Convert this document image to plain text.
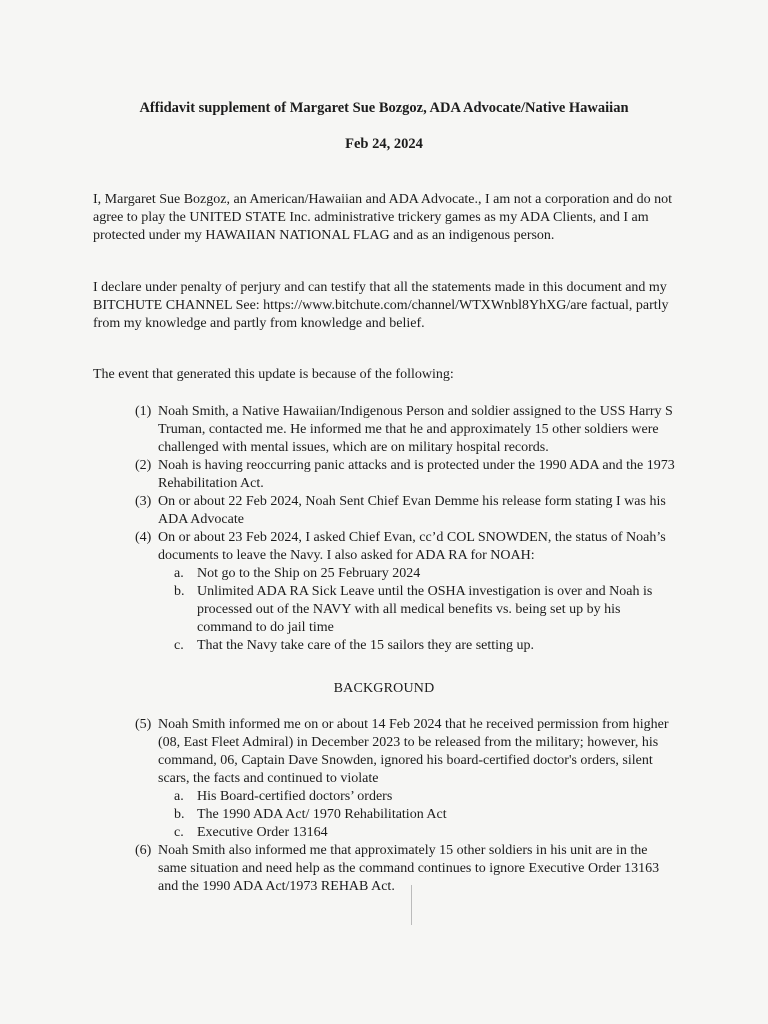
Affidavit supplement of Margaret Sue Bozgoz, ADA Advocate/Native Hawaiian
Feb 24, 2024

I, Margaret Sue Bozgoz, an American/Hawaiian and ADA Advocate., I am not a corporation and do not agree to play the UNITED STATE Inc. administrative trickery games as my ADA Clients, and I am protected under my HAWAIIAN NATIONAL FLAG and as an indigenous person.

I declare under penalty of perjury and can testify that all the statements made in this document and my BITCHUTE CHANNEL See: https://www.bitchute.com/channel/WTXWnbl8YhXG/are factual, partly from my knowledge and partly from knowledge and belief.

The event that generated this update is because of the following:

(1) Noah Smith, a Native Hawaiian/Indigenous Person and soldier assigned to the USS Harry S Truman, contacted me. He informed me that he and approximately 15 other soldiers were challenged with mental issues, which are on military hospital records.
(2) Noah is having reoccurring panic attacks and is protected under the 1990 ADA and the 1973 Rehabilitation Act.
(3) On or about 22 Feb 2024, Noah Sent Chief Evan Demme his release form stating I was his ADA Advocate
(4) On or about 23 Feb 2024, I asked Chief Evan, cc’d COL SNOWDEN, the status of Noah’s documents to leave the Navy. I also asked for ADA RA for NOAH:
a. Not go to the Ship on 25 February 2024
b. Unlimited ADA RA Sick Leave until the OSHA investigation is over and Noah is processed out of the NAVY with all medical benefits vs. being set up by his command to do jail time
c. That the Navy take care of the 15 sailors they are setting up.
BACKGROUND
(5) Noah Smith informed me on or about 14 Feb 2024 that he received permission from higher (08, East Fleet Admiral) in December 2023 to be released from the military; however, his command, 06, Captain Dave Snowden, ignored his board-certified doctor's orders, silent scars, the facts and continued to violate
a. His Board-certified doctors’ orders
b. The 1990 ADA Act/ 1970 Rehabilitation Act
c. Executive Order 13164
(6) Noah Smith also informed me that approximately 15 other soldiers in his unit are in the same situation and need help as the command continues to ignore Executive Order 13163 and the 1990 ADA Act/1973 REHAB Act.
